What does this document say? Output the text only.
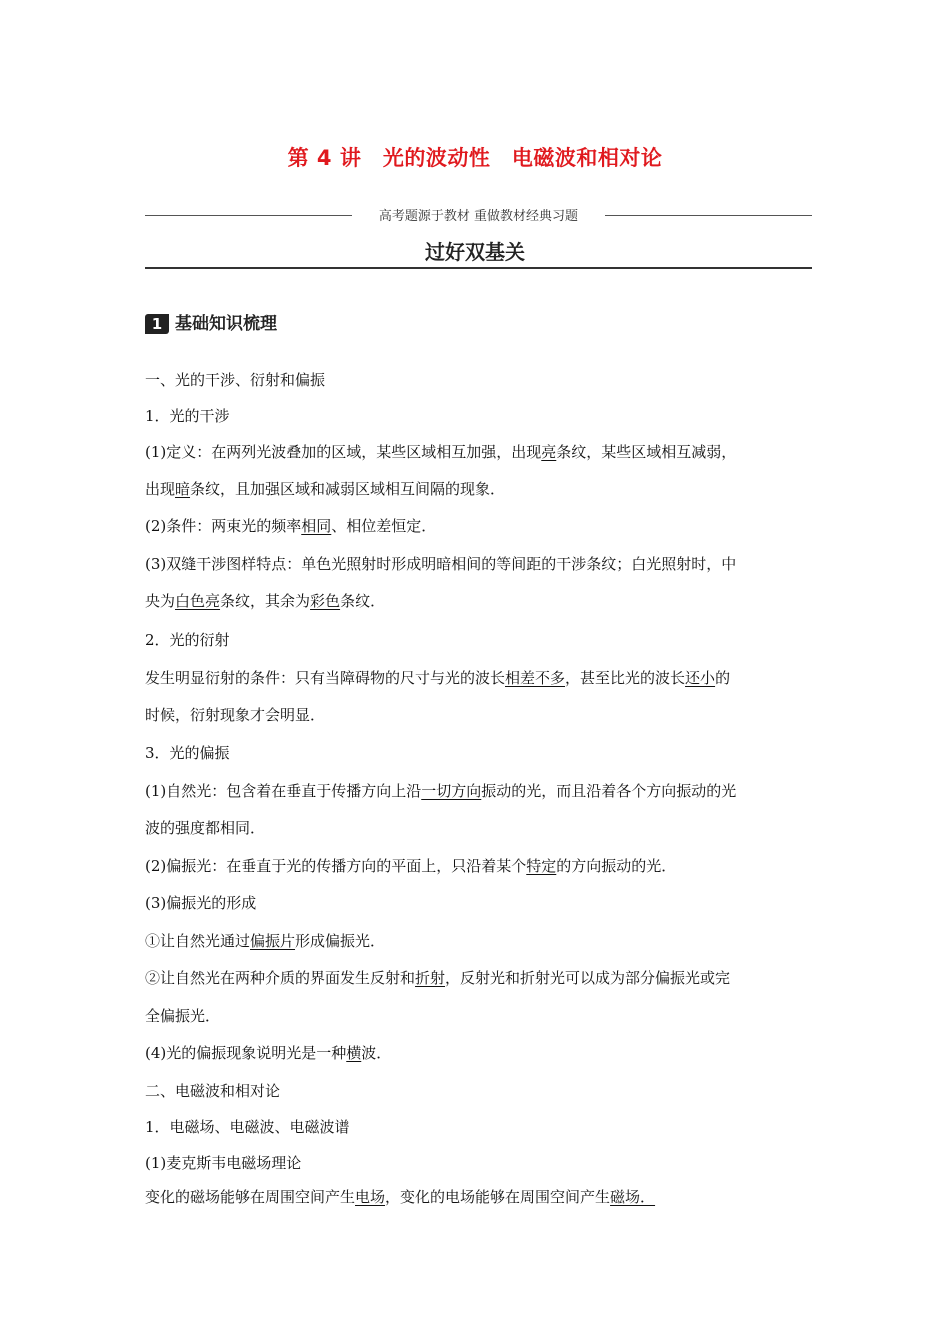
第 4 讲　光的波动性　电磁波和相对论
高考题源于教材 重做教材经典习题
过好双基关
1 基础知识梳理
一、光的干涉、衍射和偏振
1．光的干涉
(1)定义：在两列光波叠加的区域，某些区域相互加强，出现亮条纹，某些区域相互减弱，
出现暗条纹，且加强区域和减弱区域相互间隔的现象．
(2)条件：两束光的频率相同、相位差恒定．
(3)双缝干涉图样特点：单色光照射时形成明暗相间的等间距的干涉条纹；白光照射时，中
央为白色亮条纹，其余为彩色条纹．
2．光的衍射
发生明显衍射的条件：只有当障碍物的尺寸与光的波长相差不多，甚至比光的波长还小的
时候，衍射现象才会明显．
3．光的偏振
(1)自然光：包含着在垂直于传播方向上沿一切方向振动的光，而且沿着各个方向振动的光
波的强度都相同．
(2)偏振光：在垂直于光的传播方向的平面上，只沿着某个特定的方向振动的光．
(3)偏振光的形成
①让自然光通过偏振片形成偏振光．
②让自然光在两种介质的界面发生反射和折射，反射光和折射光可以成为部分偏振光或完
全偏振光．
(4)光的偏振现象说明光是一种横波．
二、电磁波和相对论
1．电磁场、电磁波、电磁波谱
(1)麦克斯韦电磁场理论
变化的磁场能够在周围空间产生电场，变化的电场能够在周围空间产生磁场．
